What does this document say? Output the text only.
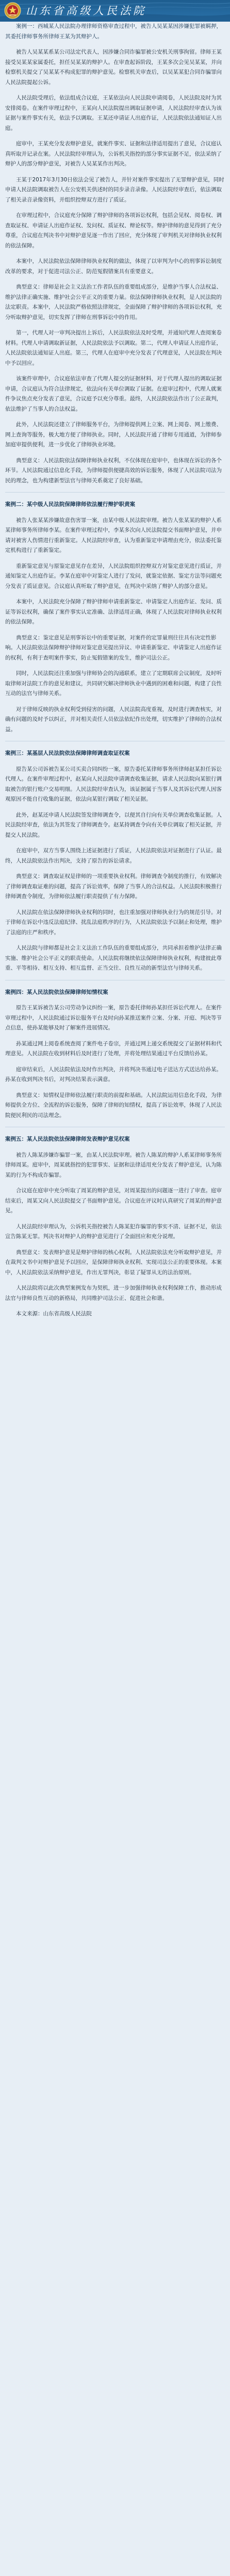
山东省高级人民法院

案例一：西城某人民法院办理律师资格审查过程中，被告人吴某某因涉嫌犯罪被羁押，其委托律师事务所律师王某为其辩护人。

被告人吴某某系某公司法定代表人，因涉嫌合同诈骗罪被公安机关刑事拘留。律师王某接受吴某某家属委托，担任吴某某的辩护人。在审查起诉阶段，王某多次会见吴某某，并向检察机关提交了吴某某不构成犯罪的辩护意见。检察机关审查后，以吴某某犯合同诈骗罪向人民法院提起公诉。

人民法院受理后，依法组成合议庭，王某依法向人民法院申请阅卷，人民法院及时为其安排阅卷。在案件审理过程中，王某向人民法院提出调取证据申请，人民法院经审查认为该证据与案件事实有关，依法予以调取。王某还申请证人出庭作证，人民法院依法通知证人出庭。

庭审中，王某充分发表辩护意见，就案件事实、证据和法律适用提出了意见，合议庭认真听取并记录在案。人民法院经审理认为，公诉机关指控的部分事实证据不足，依法采纳了辩护人的部分辩护意见，对被告人吴某某作出判决。

王某于2017年3月30日依法会见了被告人，并针对案件事实提出了无罪辩护意见，同时申请人民法院调取被告人在公安机关供述时的同步录音录像。人民法院经审查后，依法调取了相关录音录像资料，并组织控辩双方进行了质证。

在审理过程中，合议庭充分保障了辩护律师的各项诉讼权利，包括会见权、阅卷权、调查取证权、申请证人出庭作证权、发问权、质证权、辩论权等。辩护律师的意见得到了充分尊重，合议庭在判决书中对辩护意见逐一作出了回应，充分体现了审判机关对律师执业权利的依法保障。

本案中，人民法院依法保障律师执业权利的做法，体现了以审判为中心的刑事诉讼制度改革的要求，对于促进司法公正、防范冤假错案具有重要意义。

典型意义：律师是社会主义法治工作者队伍的重要组成部分，是维护当事人合法权益、维护法律正确实施、维护社会公平正义的重要力量。依法保障律师执业权利，是人民法院的法定职责。本案中，人民法院严格依照法律规定，全面保障了辩护律师的各项诉讼权利，充分听取辩护意见，切实发挥了律师在刑事诉讼中的作用。

第一，代理人对一审判决提出上诉后，人民法院依法及时受理，并通知代理人查阅案卷材料。代理人申请调取新证据，人民法院依法予以调取。第二，代理人申请证人出庭作证，人民法院依法通知证人出庭。第三，代理人在庭审中充分发表了代理意见，人民法院在判决中予以回应。

该案件审理中，合议庭依法审查了代理人提交的证据材料，对于代理人提出的调取证据申请，合议庭认为符合法律规定，依法向有关单位调取了证据。在庭审过程中，代理人就案件争议焦点充分发表了意见，合议庭予以充分尊重。最终，人民法院依法作出了公正裁判，依法维护了当事人的合法权益。

此外，人民法院还建立了律师服务平台，为律师提供网上立案、网上阅卷、网上缴费、网上查询等服务，极大地方便了律师执业。同时，人民法院开通了律师专用通道，为律师参加庭审提供便利，进一步优化了律师执业环境。

典型意义：人民法院依法保障律师执业权利，不仅体现在庭审中，也体现在诉讼的各个环节。人民法院通过信息化手段，为律师提供便捷高效的诉讼服务，体现了人民法院司法为民的理念，也为构建新型法官与律师关系奠定了良好基础。

案例二：某中级人民法院保障律师依法履行辩护职责案

被告人张某某涉嫌故意伤害罪一案，由某中级人民法院审理。被告人张某某的辩护人系某律师事务所律师李某。在案件审理过程中，李某多次向人民法院提交书面辩护意见，并申请对被害人伤情进行重新鉴定。人民法院经审查，认为重新鉴定申请理由充分，依法委托鉴定机构进行了重新鉴定。

重新鉴定意见与原鉴定意见存在差异，人民法院组织控辩双方对鉴定意见进行质证，并通知鉴定人出庭作证。李某在庭审中对鉴定人进行了发问，就鉴定依据、鉴定方法等问题充分发表了质证意见。合议庭认真听取了辩护意见，在判决中采纳了辩护人的部分意见。

本案中，人民法院充分保障了辩护律师申请重新鉴定、申请鉴定人出庭作证、发问、质证等诉讼权利，确保了案件事实认定准确、法律适用正确，体现了人民法院对律师执业权利的依法保障。

典型意义：鉴定意见是刑事诉讼中的重要证据，对案件的定罪量刑往往具有决定性影响。人民法院依法保障辩护律师对鉴定意见提出异议、申请重新鉴定、申请鉴定人出庭作证的权利，有利于查明案件事实，防止冤假错案的发生，维护司法公正。

同时，人民法院还注重加强与律师协会的沟通联系，建立了定期联席会议制度，及时听取律师对法院工作的意见和建议，共同研究解决律师执业中遇到的困难和问题，构建了良性互动的法官与律师关系。

对于律师反映的执业权利受到侵害的问题，人民法院高度重视，及时进行调查核实，对确有问题的及时予以纠正，并对相关责任人员依法依纪作出处理，切实维护了律师的合法权益。

案例三：某基层人民法院依法保障律师调查取证权案

原告某公司诉被告某公司买卖合同纠纷一案，原告委托某律师事务所律师赵某担任诉讼代理人。在案件审理过程中，赵某向人民法院申请调查收集证据，请求人民法院向某银行调取被告的银行账户交易明细。人民法院经审查认为，该证据属于当事人及其诉讼代理人因客观原因不能自行收集的证据，依法向某银行调取了相关证据。

此外，赵某还申请人民法院签发律师调查令，以便其自行向有关单位调查收集证据。人民法院经审查，依法为其签发了律师调查令。赵某持调查令向有关单位调取了相关证据，并提交人民法院。

在庭审中，双方当事人围绕上述证据进行了质证，人民法院依法对证据进行了认证。最终，人民法院依法作出判决，支持了原告的诉讼请求。

典型意义：调查取证权是律师的一项重要执业权利。律师调查令制度的推行，有效解决了律师调查取证难的问题，提高了诉讼效率，保障了当事人的合法权益。人民法院积极推行律师调查令制度，为律师依法履行职责提供了有力保障。

人民法院在依法保障律师执业权利的同时，也注重加强对律师执业行为的规范引导。对于律师在诉讼中违反法庭纪律、扰乱法庭秩序的行为，人民法院依法予以制止和处理，维护了法庭的庄严和秩序。

人民法院与律师都是社会主义法治工作队伍的重要组成部分，共同承担着维护法律正确实施、维护社会公平正义的职责使命。人民法院将继续依法保障律师执业权利，构建彼此尊重、平等相待、相互支持、相互监督、正当交往、良性互动的新型法官与律师关系。

案例四：某人民法院依法保障律师知情权案

原告王某诉被告某公司劳动争议纠纷一案，原告委托律师孙某担任诉讼代理人。在案件审理过程中，人民法院通过诉讼服务平台及时向孙某推送案件立案、分案、开庭、判决等节点信息，使孙某能够及时了解案件进展情况。

孙某通过网上阅卷系统查阅了案件电子卷宗，并通过网上递交系统提交了证据材料和代理意见。人民法院在收到材料后及时进行了处理，并将处理结果通过平台反馈给孙某。

庭审结束后，人民法院依法及时作出判决，并将判决书通过电子送达方式送达给孙某。孙某在收到判决书后，对判决结果表示满意。

典型意义：知情权是律师依法履行职责的前提和基础。人民法院运用信息化手段，为律师提供全方位、全流程的诉讼服务，保障了律师的知情权，提高了诉讼效率，体现了人民法院便民利民的司法理念。

案例五：某人民法院依法保障律师发表辩护意见权案

被告人陈某涉嫌诈骗罪一案，由某人民法院审理。被告人陈某的辩护人系某律师事务所律师周某。庭审中，周某就指控的犯罪事实、证据和法律适用充分发表了辩护意见，认为陈某的行为不构成诈骗罪。

合议庭在庭审中充分听取了周某的辩护意见，对周某提出的问题逐一进行了审查。庭审结束后，周某又向人民法院提交了书面辩护意见。合议庭在评议时认真研究了周某的辩护意见。

人民法院经审理认为，公诉机关指控被告人陈某犯诈骗罪的事实不清、证据不足，依法宣告陈某无罪。判决书对辩护人的辩护意见进行了全面回应和充分说理。

典型意义：发表辩护意见是辩护律师的核心权利。人民法院依法充分听取辩护意见，并在裁判文书中对辩护意见予以回应，是保障律师执业权利、实现司法公正的重要体现。本案中，人民法院依法采纳辩护意见，作出无罪判决，彰显了疑罪从无的法治原则。

人民法院将以此次典型案例发布为契机，进一步加强律师执业权利保障工作，推动形成法官与律师良性互动的新格局，共同维护司法公正、促进社会和谐。

本文来源：山东省高级人民法院
